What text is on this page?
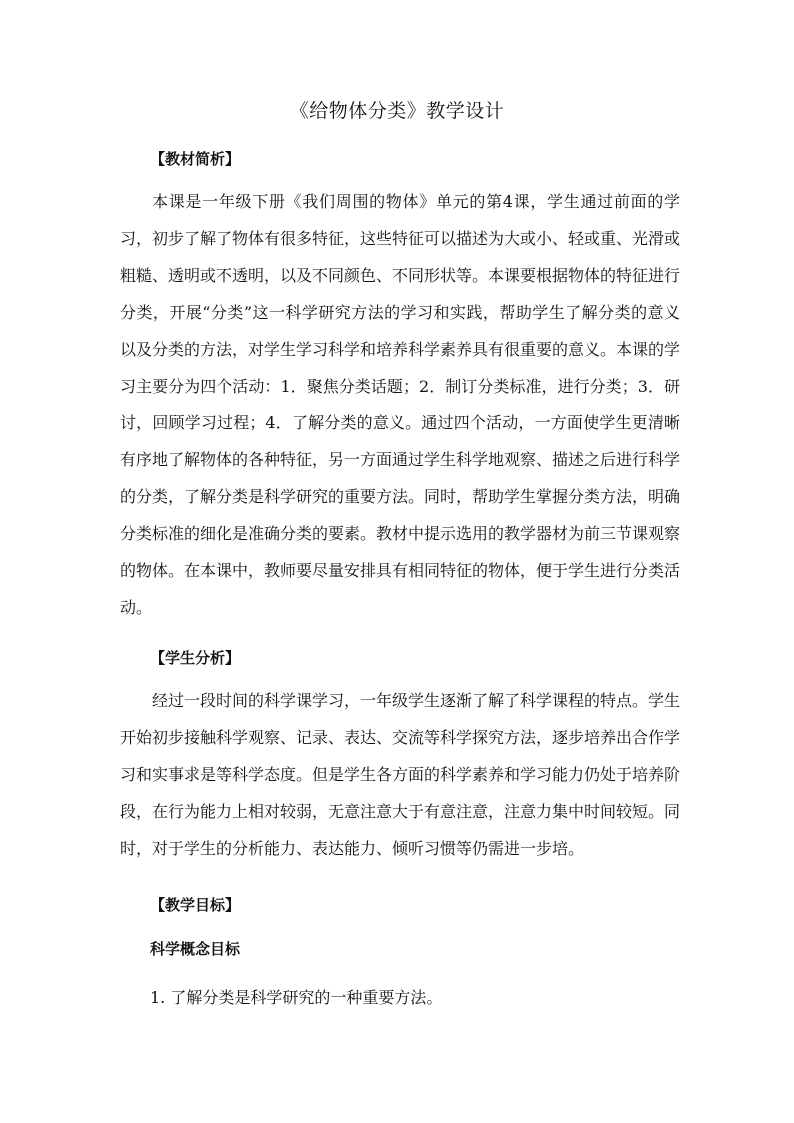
《给物体分类》教学设计
【教材简析】
本课是一年级下册《我们周围的物体》单元的第4课，学生通过前面的学习，初步了解了物体有很多特征，这些特征可以描述为大或小、轻或重、光滑或粗糙、透明或不透明，以及不同颜色、不同形状等。本课要根据物体的特征进行分类，开展“分类”这一科学研究方法的学习和实践，帮助学生了解分类的意义以及分类的方法，对学生学习科学和培养科学素养具有很重要的意义。本课的学习主要分为四个活动：1．聚焦分类话题；2．制订分类标准，进行分类；3．研讨，回顾学习过程；4．了解分类的意义。通过四个活动，一方面使学生更清晰有序地了解物体的各种特征，另一方面通过学生科学地观察、描述之后进行科学的分类，了解分类是科学研究的重要方法。同时，帮助学生掌握分类方法，明确分类标准的细化是准确分类的要素。教材中提示选用的教学器材为前三节课观察的物体。在本课中，教师要尽量安排具有相同特征的物体，便于学生进行分类活动。
【学生分析】
经过一段时间的科学课学习，一年级学生逐渐了解了科学课程的特点。学生开始初步接触科学观察、记录、表达、交流等科学探究方法，逐步培养出合作学习和实事求是等科学态度。但是学生各方面的科学素养和学习能力仍处于培养阶段，在行为能力上相对较弱，无意注意大于有意注意，注意力集中时间较短。同时，对于学生的分析能力、表达能力、倾听习惯等仍需进一步培。
【教学目标】
科学概念目标
1. 了解分类是科学研究的一种重要方法。
